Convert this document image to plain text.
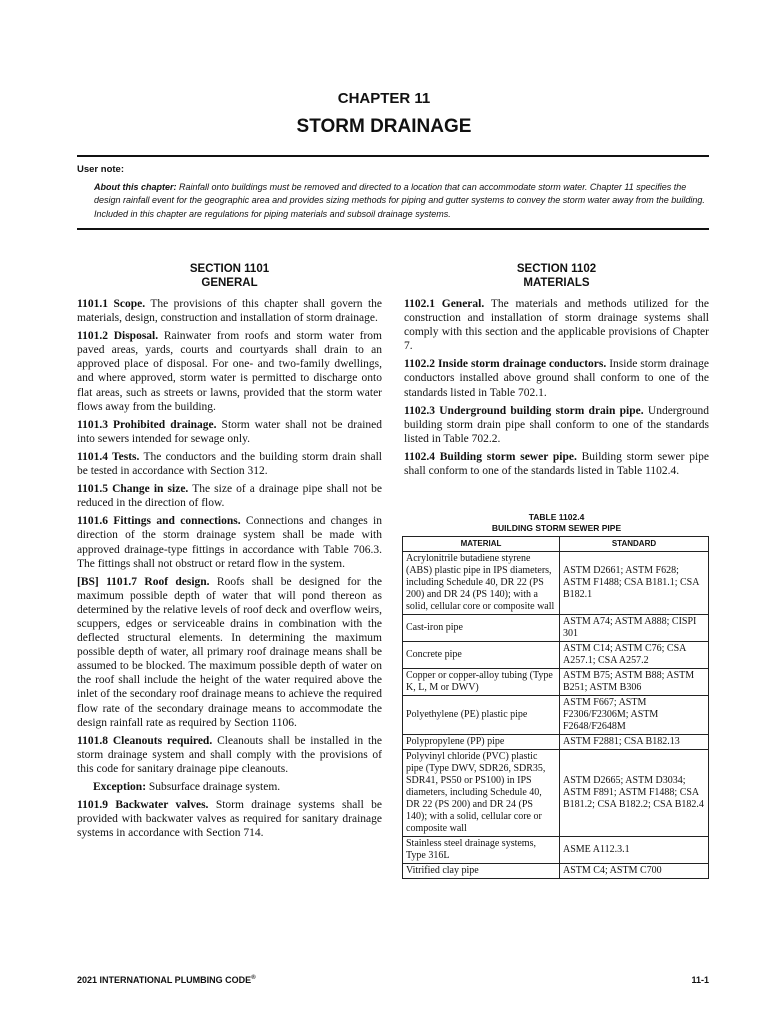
CHAPTER 11
STORM DRAINAGE
User note:
About this chapter: Rainfall onto buildings must be removed and directed to a location that can accommodate storm water. Chapter 11 specifies the design rainfall event for the geographic area and provides sizing methods for piping and gutter systems to convey the storm water away from the building. Included in this chapter are regulations for piping materials and subsoil drainage systems.
SECTION 1101
GENERAL

1101.1 Scope. The provisions of this chapter shall govern the materials, design, construction and installation of storm drainage.

1101.2 Disposal. Rainwater from roofs and storm water from paved areas, yards, courts and courtyards shall drain to an approved place of disposal. For one- and two-family dwellings, and where approved, storm water is permitted to discharge onto flat areas, such as streets or lawns, provided that the storm water flows away from the building.

1101.3 Prohibited drainage. Storm water shall not be drained into sewers intended for sewage only.

1101.4 Tests. The conductors and the building storm drain shall be tested in accordance with Section 312.

1101.5 Change in size. The size of a drainage pipe shall not be reduced in the direction of flow.

1101.6 Fittings and connections. Connections and changes in direction of the storm drainage system shall be made with approved drainage-type fittings in accordance with Table 706.3. The fittings shall not obstruct or retard flow in the system.

[BS] 1101.7 Roof design. Roofs shall be designed for the maximum possible depth of water that will pond thereon as determined by the relative levels of roof deck and overflow weirs, scuppers, edges or serviceable drains in combination with the deflected structural elements. In determining the maximum possible depth of water, all primary roof drainage means shall be assumed to be blocked. The maximum possible depth of water on the roof shall include the height of the water required above the inlet of the secondary roof drainage means to achieve the required flow rate of the secondary drainage means to accommodate the design rainfall rate as required by Section 1106.

1101.8 Cleanouts required. Cleanouts shall be installed in the storm drainage system and shall comply with the provisions of this code for sanitary drainage pipe cleanouts.

Exception: Subsurface drainage system.

1101.9 Backwater valves. Storm drainage systems shall be provided with backwater valves as required for sanitary drainage systems in accordance with Section 714.

SECTION 1102
MATERIALS

1102.1 General. The materials and methods utilized for the construction and installation of storm drainage systems shall comply with this section and the applicable provisions of Chapter 7.

1102.2 Inside storm drainage conductors. Inside storm drainage conductors installed above ground shall conform to one of the standards listed in Table 702.1.

1102.3 Underground building storm drain pipe. Underground building storm drain pipe shall conform to one of the standards listed in Table 702.2.

1102.4 Building storm sewer pipe. Building storm sewer pipe shall conform to one of the standards listed in Table 1102.4.

TABLE 1102.4
BUILDING STORM SEWER PIPE
MATERIAL	STANDARD
Acrylonitrile butadiene styrene (ABS) plastic pipe in IPS diameters, including Schedule 40, DR 22 (PS 200) and DR 24 (PS 140); with a solid, cellular core or composite wall	ASTM D2661; ASTM F628; ASTM F1488; CSA B181.1; CSA B182.1
Cast-iron pipe	ASTM A74; ASTM A888; CISPI 301
Concrete pipe	ASTM C14; ASTM C76; CSA A257.1; CSA A257.2
Copper or copper-alloy tubing (Type K, L, M or DWV)	ASTM B75; ASTM B88; ASTM B251; ASTM B306
Polyethylene (PE) plastic pipe	ASTM F667; ASTM F2306/F2306M; ASTM F2648/F2648M
Polypropylene (PP) pipe	ASTM F2881; CSA B182.13
Polyvinyl chloride (PVC) plastic pipe (Type DWV, SDR26, SDR35, SDR41, PS50 or PS100) in IPS diameters, including Schedule 40, DR 22 (PS 200) and DR 24 (PS 140); with a solid, cellular core or composite wall	ASTM D2665; ASTM D3034; ASTM F891; ASTM F1488; CSA B181.2; CSA B182.2; CSA B182.4
Stainless steel drainage systems, Type 316L	ASME A112.3.1
Vitrified clay pipe	ASTM C4; ASTM C700
2021 INTERNATIONAL PLUMBING CODE®	11-1
